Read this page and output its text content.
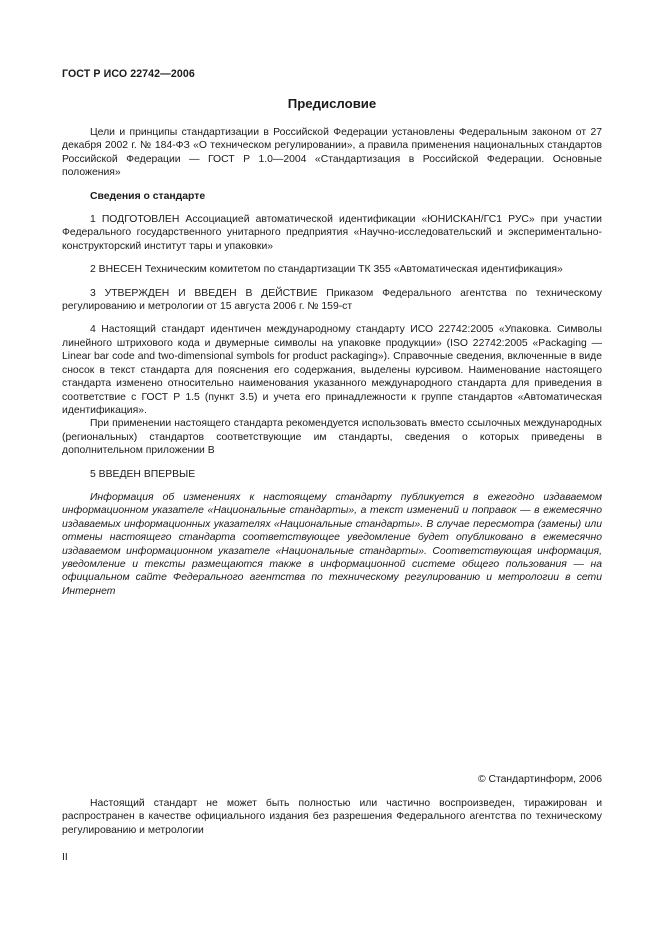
ГОСТ Р ИСО 22742—2006
Предисловие

Цели и принципы стандартизации в Российской Федерации установлены Федеральным законом от 27 декабря 2002 г. № 184-ФЗ «О техническом регулировании», а правила применения национальных стандартов Российской Федерации — ГОСТ Р 1.0—2004 «Стандартизация в Российской Федерации. Основные положения»

Сведения о стандарте

1 ПОДГОТОВЛЕН Ассоциацией автоматической идентификации «ЮНИСКАН/ГС1 РУС» при участии Федерального государственного унитарного предприятия «Научно-исследовательский и экспериментально-конструкторский институт тары и упаковки»

2 ВНЕСЕН Техническим комитетом по стандартизации ТК 355 «Автоматическая идентификация»

3 УТВЕРЖДЕН И ВВЕДЕН В ДЕЙСТВИЕ Приказом Федерального агентства по техническому регулированию и метрологии от 15 августа 2006 г. № 159-ст

4 Настоящий стандарт идентичен международному стандарту ИСО 22742:2005 «Упаковка. Символы линейного штрихового кода и двумерные символы на упаковке продукции» (ISO 22742:2005 «Packaging — Linear bar code and two-dimensional symbols for product packaging»). Справочные сведения, включенные в виде сносок в текст стандарта для пояснения его содержания, выделены курсивом. Наименование настоящего стандарта изменено относительно наименования указанного международного стандарта для приведения в соответствие с ГОСТ Р 1.5 (пункт 3.5) и учета его принадлежности к группе стандартов «Автоматическая идентификация».

При применении настоящего стандарта рекомендуется использовать вместо ссылочных международных (региональных) стандартов соответствующие им стандарты, сведения о которых приведены в дополнительном приложении В

5 ВВЕДЕН ВПЕРВЫЕ

Информация об изменениях к настоящему стандарту публикуется в ежегодно издаваемом информационном указателе «Национальные стандарты», а текст изменений и поправок — в ежемесячно издаваемых информационных указателях «Национальные стандарты». В случае пересмотра (замены) или отмены настоящего стандарта соответствующее уведомление будет опубликовано в ежемесячно издаваемом информационном указателе «Национальные стандарты». Соответствующая информация, уведомление и тексты размещаются также в информационной системе общего пользования — на официальном сайте Федерального агентства по техническому регулированию и метрологии в сети Интернет

© Стандартинформ, 2006

Настоящий стандарт не может быть полностью или частично воспроизведен, тиражирован и распространен в качестве официального издания без разрешения Федерального агентства по техническому регулированию и метрологии

II
